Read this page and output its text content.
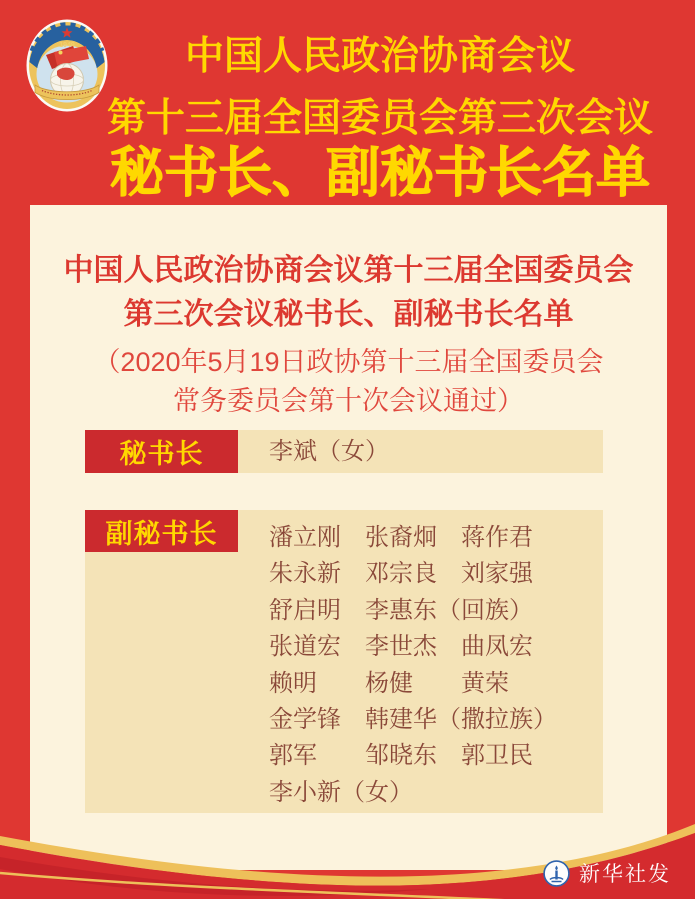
1949	中国人民政治协商会议
第十三届全国委员会第三次会议
秘书长、副秘书长名单
中国人民政治协商会议第十三届全国委员会
第三次会议秘书长、副秘书长名单
（2020年5月19日政协第十三届全国委员会
常务委员会第十次会议通过）
秘书长	李斌（女）
副秘书长	潘立刚 张裔炯 蒋作君
朱永新 邓宗良 刘家强
舒启明 李惠东（回族）
张道宏 李世杰 曲凤宏
赖明 杨健 黄荣
金学锋 韩建华（撒拉族）
郭军 邹晓东 郭卫民
李小新（女）
新华社发
